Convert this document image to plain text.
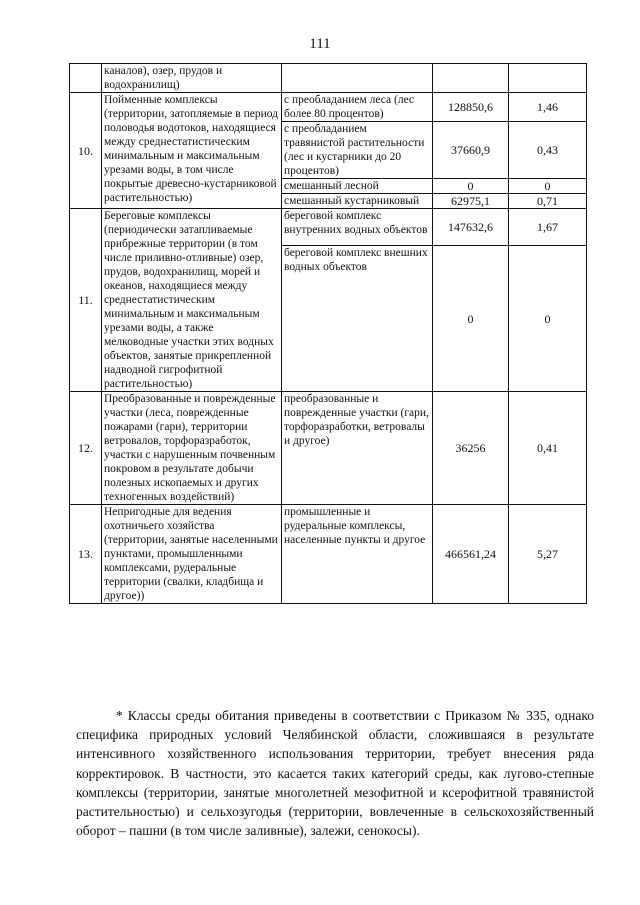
111
	каналов), озер, прудов и водохранилищ)			
10.	Пойменные комплексы (территории, затопляемые в период половодья водотоков, находящиеся между среднестатистическим минимальным и максимальным урезами воды, в том числе покрытые древесно-кустарниковой растительностью)	с преобладанием леса (лес более 80 процентов)	128850,6	1,46
		с преобладанием травянистой растительности (лес и кустарники до 20 процентов)	37660,9	0,43
		смешанный лесной	0	0
		смешанный кустарниковый	62975,1	0,71
11.	Береговые комплексы (периодически затапливаемые прибрежные территории (в том числе приливно-отливные) озер, прудов, водохранилищ, морей и океанов, находящиеся между среднестатистическим минимальным и максимальным урезами воды, а также мелководные участки этих водных объектов, занятые прикрепленной надводной гигрофитной растительностью)	береговой комплекс внутренних водных объектов	147632,6	1,67
		береговой комплекс внешних водных объектов	0	0
12.	Преобразованные и поврежденные участки (леса, поврежденные пожарами (гари), территории ветровалов, торфоразработок, участки с нарушенным почвенным покровом в результате добычи полезных ископаемых и других техногенных воздействий)	преобразованные и поврежденные участки (гари, торфоразработки, ветровалы и другое)	36256	0,41
13.	Непригодные для ведения охотничьего хозяйства (территории, занятые населенными пунктами, промышленными комплексами, рудеральные территории (свалки, кладбища и другое))	промышленные и рудеральные комплексы, населенные пункты и другое	466561,24	5,27

* Классы среды обитания приведены в соответствии с Приказом № 335, однако специфика природных условий Челябинской области, сложившаяся в результате интенсивного хозяйственного использования территории, требует внесения ряда корректировок. В частности, это касается таких категорий среды, как лугово-степные комплексы (территории, занятые многолетней мезофитной и ксерофитной травянистой растительностью) и сельхозугодья (территории, вовлеченные в сельскохозяйственный оборот – пашни (в том числе заливные), залежи, сенокосы).
